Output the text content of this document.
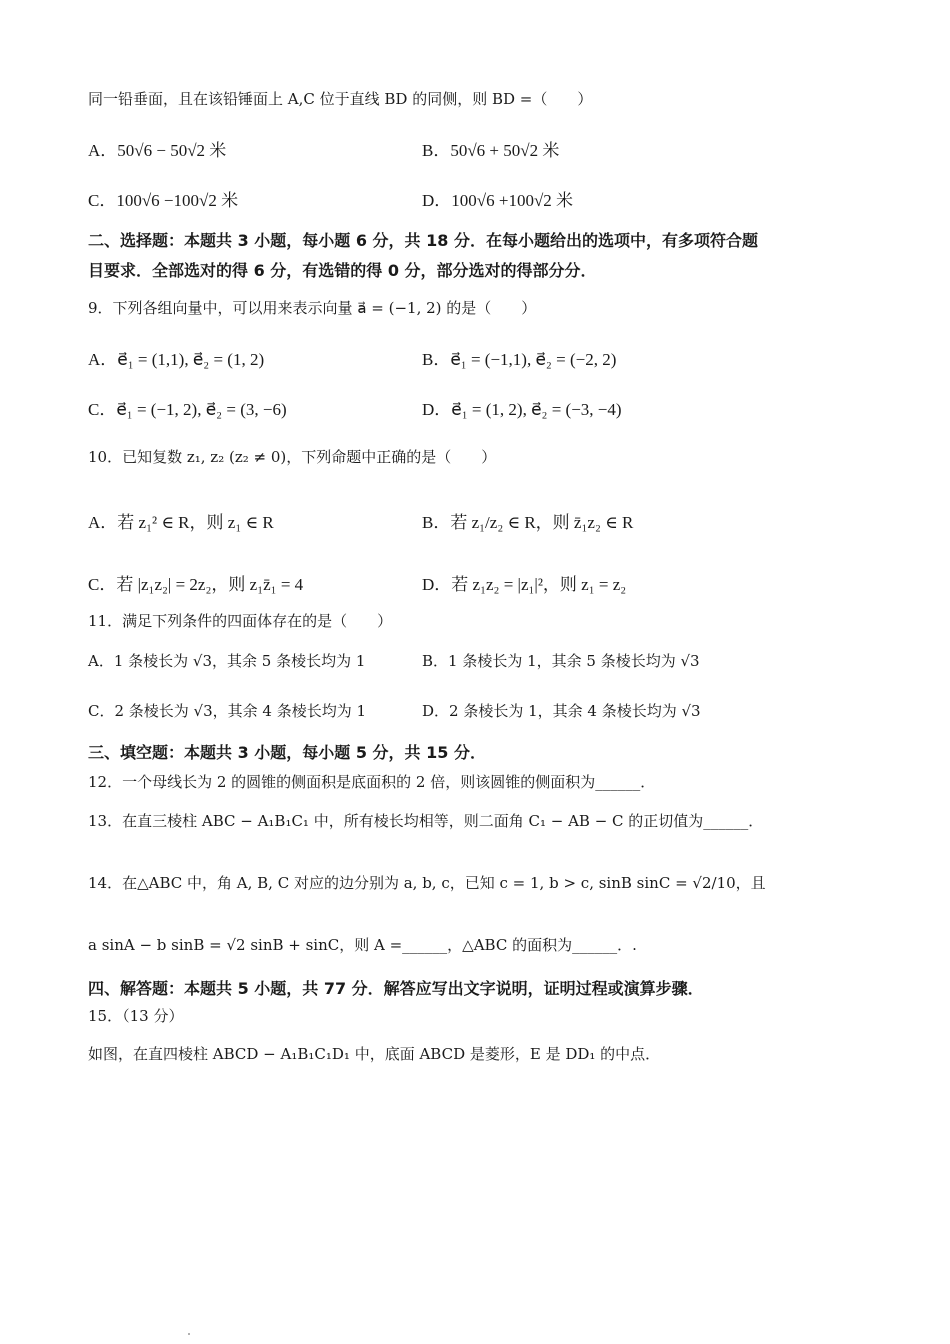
同一铅垂面，且在该铅锤面上 A,C 位于直线 BD 的同侧，则 BD =（　　）
A．50√6 − 50√2 米	B．50√6 + 50√2 米
C．100√6 −100√2 米	D．100√6 +100√2 米
二、选择题：本题共 3 小题，每小题 6 分，共 18 分．在每小题给出的选项中，有多项符合题
目要求．全部选对的得 6 分，有选错的得 0 分，部分选对的得部分分．
9．下列各组向量中，可以用来表示向量 a⃗ = (−1, 2) 的是（　　）
A．e⃗₁ = (1,1), e⃗₂ = (1, 2)	B．e⃗₁ = (−1,1), e⃗₂ = (−2, 2)
C．e⃗₁ = (−1, 2), e⃗₂ = (3, −6)	D．e⃗₁ = (1, 2), e⃗₂ = (−3, −4)
10．已知复数 z₁, z₂ (z₂ ≠ 0)，下列命题中正确的是（　　）
A．若 z₁² ∈ R，则 z₁ ∈ R	B．若 z₁/z₂ ∈ R，则 z̄₁z₂ ∈ R
C．若 |z₁z₂| = 2z₂，则 z₁z̄₁ = 4	D．若 z₁z₂ = |z₁|²，则 z₁ = z₂
11．满足下列条件的四面体存在的是（　　）
A．1 条棱长为 √3，其余 5 条棱长均为 1	B．1 条棱长为 1，其余 5 条棱长均为 √3
C．2 条棱长为 √3，其余 4 条棱长均为 1	D．2 条棱长为 1，其余 4 条棱长均为 √3
三、填空题：本题共 3 小题，每小题 5 分，共 15 分．
12．一个母线长为 2 的圆锥的侧面积是底面积的 2 倍，则该圆锥的侧面积为______．
13．在直三棱柱 ABC − A₁B₁C₁ 中，所有棱长均相等，则二面角 C₁ − AB − C 的正切值为______．
14．在△ABC 中，角 A, B, C 对应的边分别为 a, b, c，已知 c = 1, b > c, sinB sinC = √2/10，且
a sinA − b sinB = √2 sinB + sinC，则 A =______，△ABC 的面积为______．.
四、解答题：本题共 5 小题，共 77 分．解答应写出文字说明，证明过程或演算步骤．
15．（13 分）
如图，在直四棱柱 ABCD − A₁B₁C₁D₁ 中，底面 ABCD 是菱形，E 是 DD₁ 的中点．
